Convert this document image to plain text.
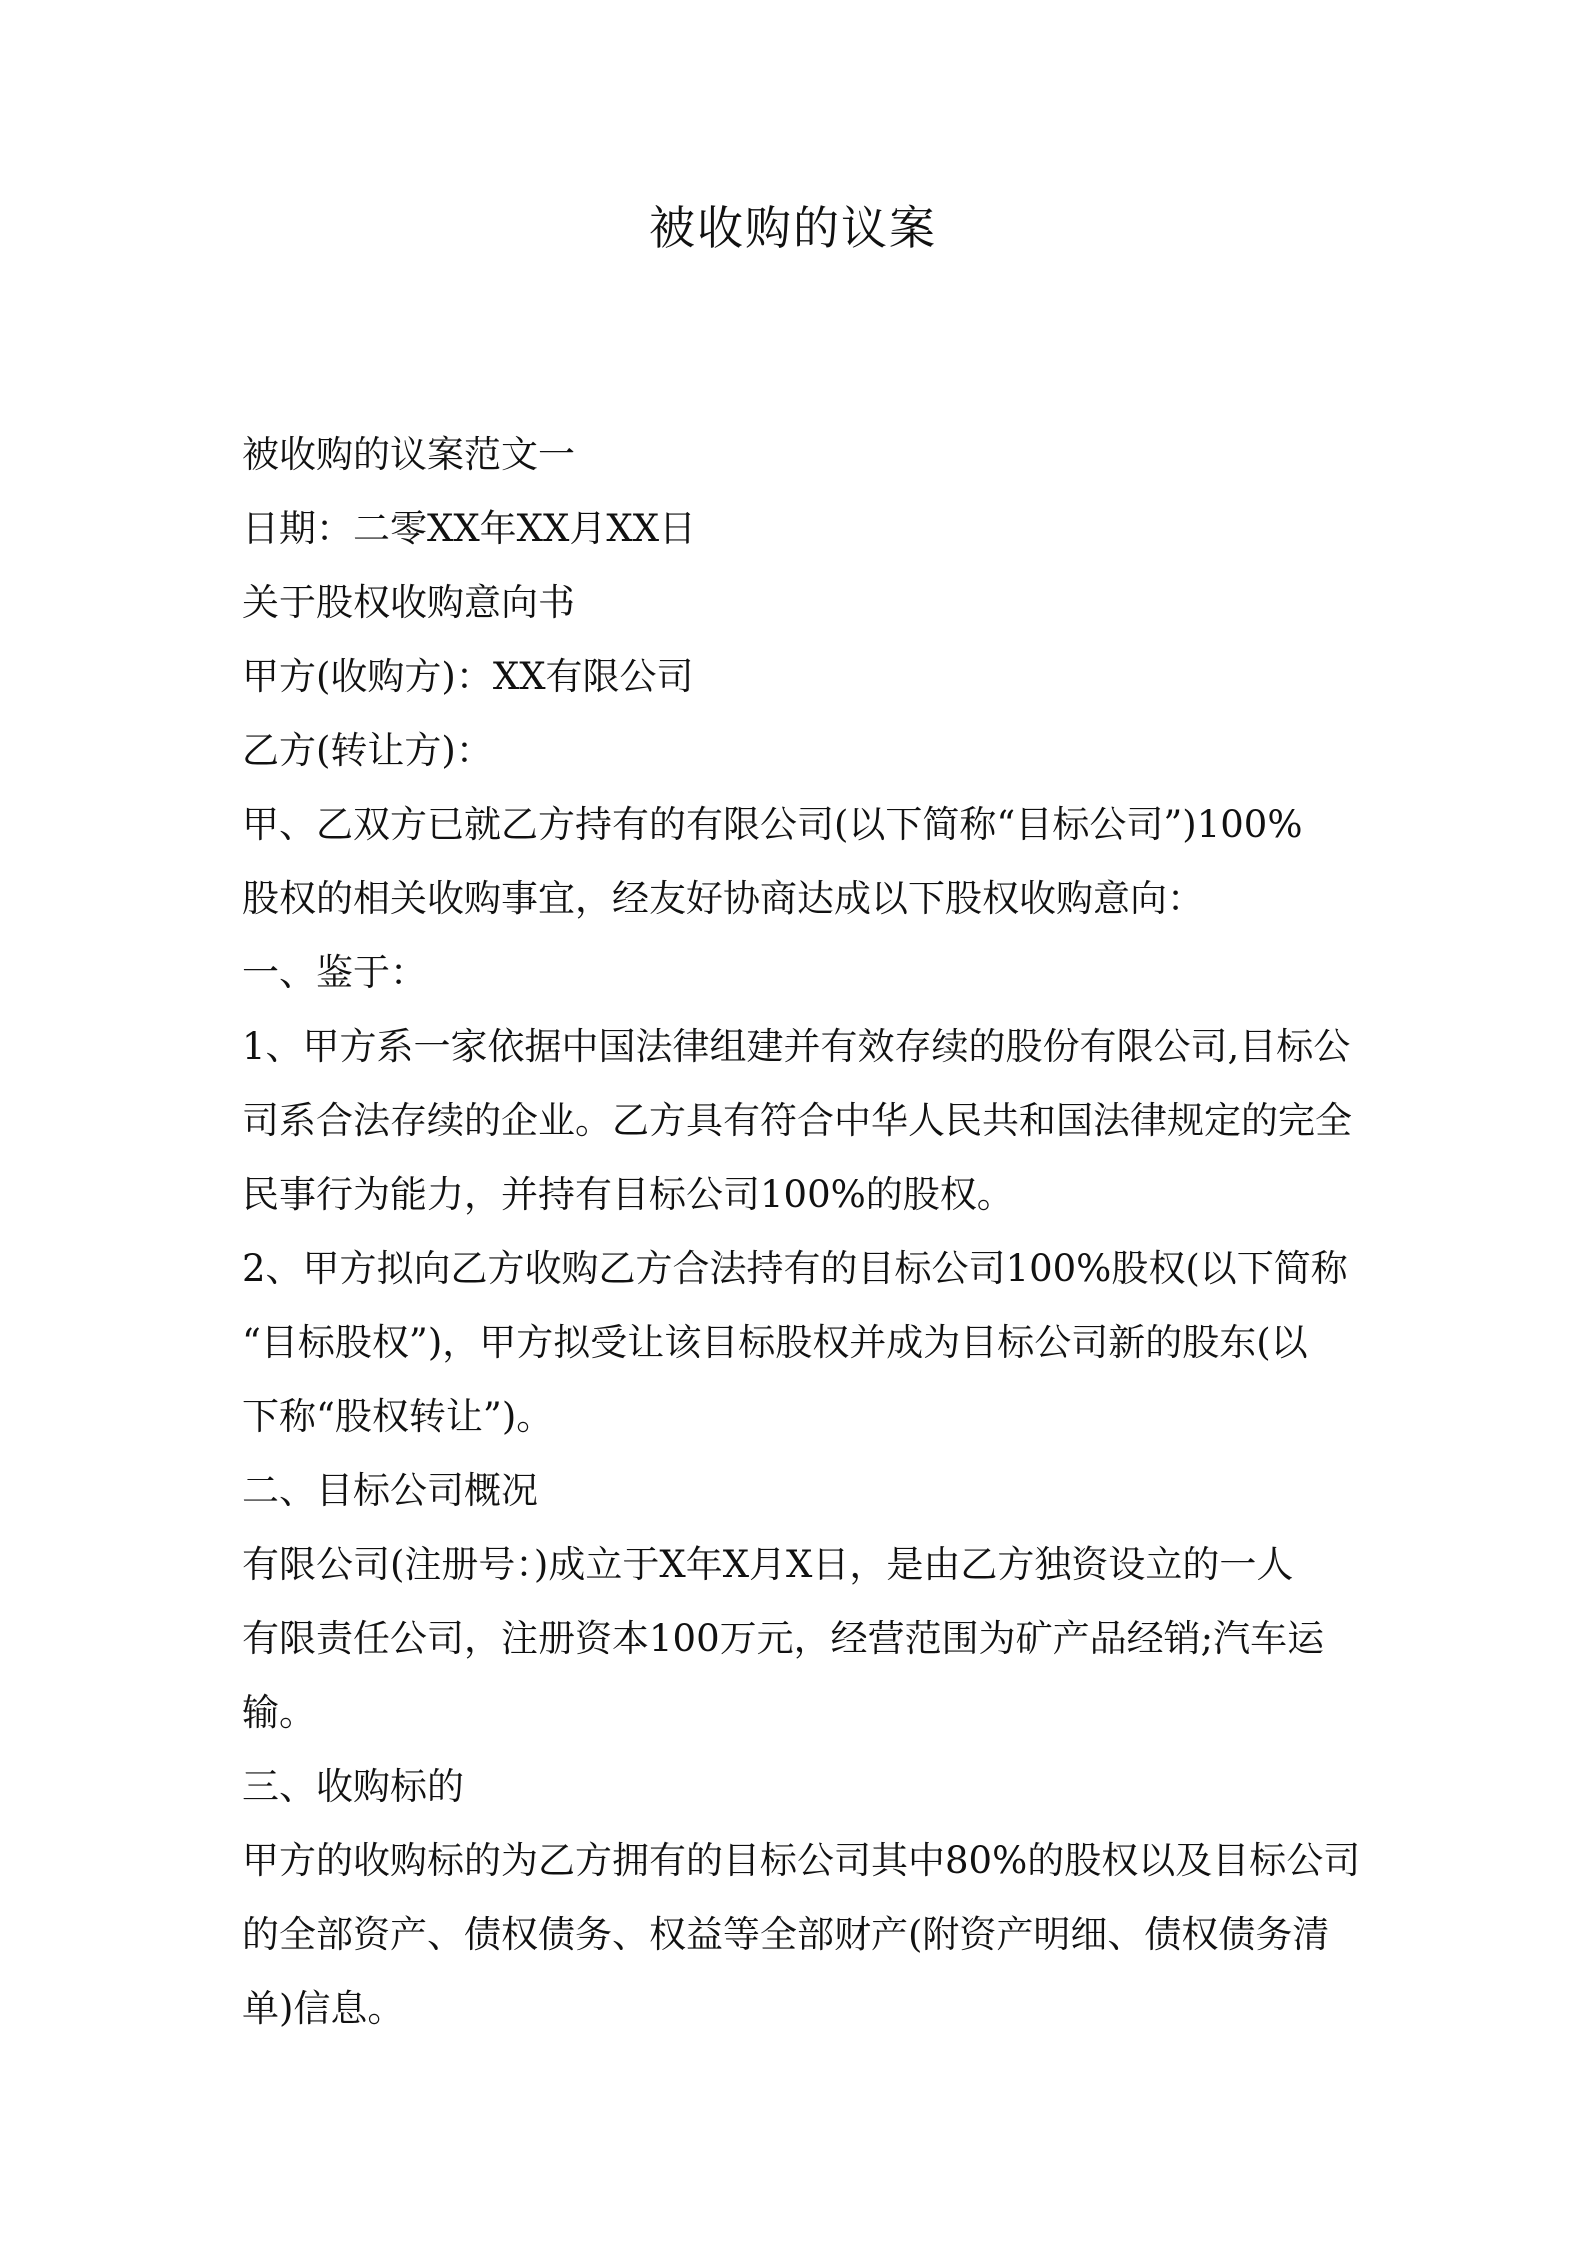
被收购的议案
被收购的议案范文一
日期：二零XX年XX月XX日
关于股权收购意向书
甲方(收购方)：XX有限公司
乙方(转让方)：
甲、乙双方已就乙方持有的有限公司(以下简称“目标公司”)100%
股权的相关收购事宜，经友好协商达成以下股权收购意向：
一、鉴于：
1、甲方系一家依据中国法律组建并有效存续的股份有限公司,目标公
司系合法存续的企业。乙方具有符合中华人民共和国法律规定的完全
民事行为能力，并持有目标公司100%的股权。
2、甲方拟向乙方收购乙方合法持有的目标公司100%股权(以下简称
“目标股权”)，甲方拟受让该目标股权并成为目标公司新的股东(以
下称“股权转让”)。
二、目标公司概况
有限公司(注册号：)成立于X年X月X日，是由乙方独资设立的一人
有限责任公司，注册资本100万元，经营范围为矿产品经销;汽车运
输。
三、收购标的
甲方的收购标的为乙方拥有的目标公司其中80%的股权以及目标公司
的全部资产、债权债务、权益等全部财产(附资产明细、债权债务清
单)信息。
